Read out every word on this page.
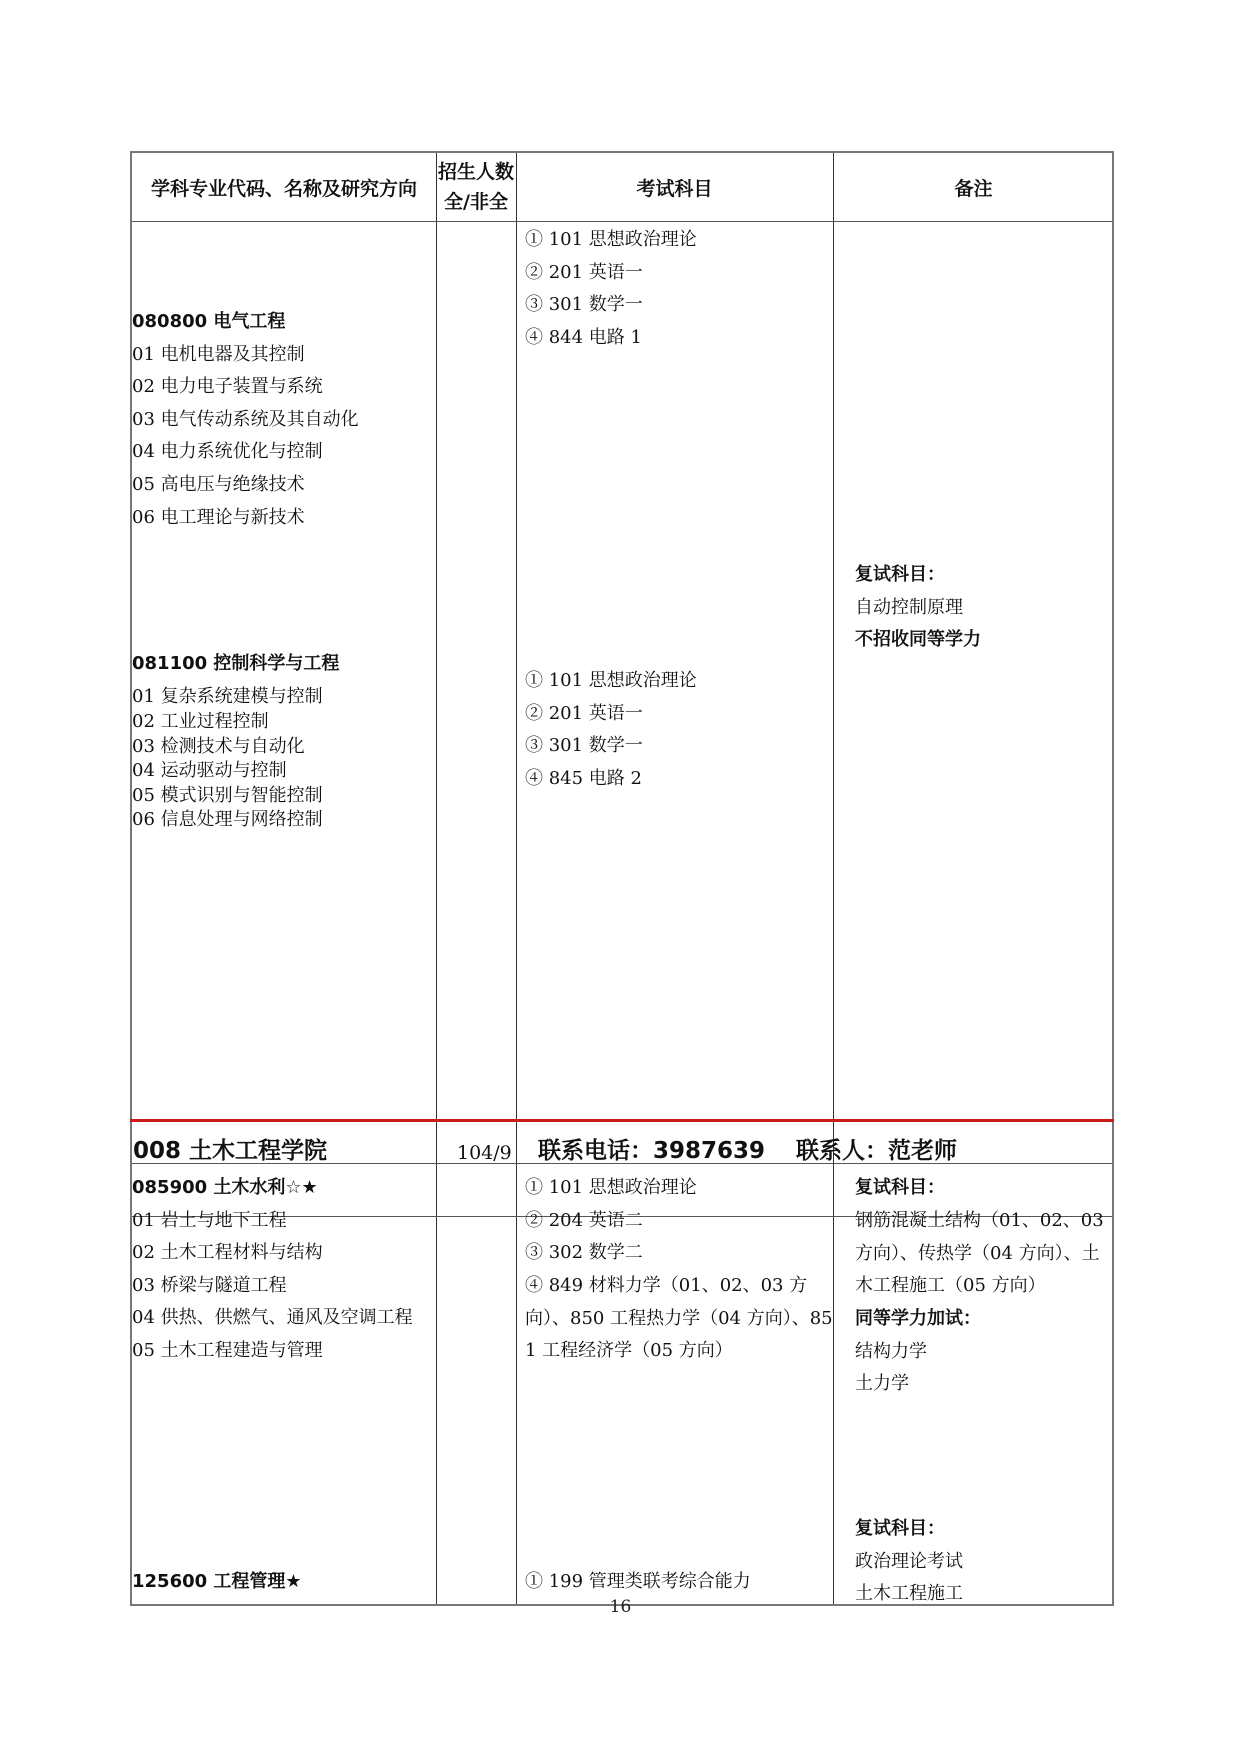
学科专业代码、名称及研究方向
招生人数
全/非全
考试科目	备注
080800 电气工程
01 电机电器及其控制
02 电力电子装置与系统
03 电气传动系统及其自动化
04 电力系统优化与控制
05 高电压与绝缘技术
06 电工理论与新技术
081100 控制科学与工程
01 复杂系统建模与控制
02 工业过程控制
03 检测技术与自动化
04 运动驱动与控制
05 模式识别与智能控制
06 信息处理与网络控制
① 101 思想政治理论
② 201 英语一
③ 301 数学一
④ 844 电路 1
① 101 思想政治理论
② 201 英语一
③ 301 数学一
④ 845 电路 2
复试科目：
自动控制原理
不招收同等学力
008 土木工程学院	104/9 联系电话：3987639　 联系人：范老师
085900 土木水利☆★
01 岩土与地下工程
02 土木工程材料与结构
03 桥梁与隧道工程
04 供热、供燃气、通风及空调工程
05 土木工程建造与管理
125600 工程管理★
① 101 思想政治理论
② 204 英语二
③ 302 数学二
④ 849 材料力学（01、02、03 方向）、850 工程热力学（04 方向）、851 工程经济学（05 方向）
① 199 管理类联考综合能力
复试科目：
钢筋混凝土结构（01、02、03 方向）、传热学（04 方向）、土木工程施工（05 方向）
同等学力加试：
结构力学
土力学
复试科目：
政治理论考试
土木工程施工
16
